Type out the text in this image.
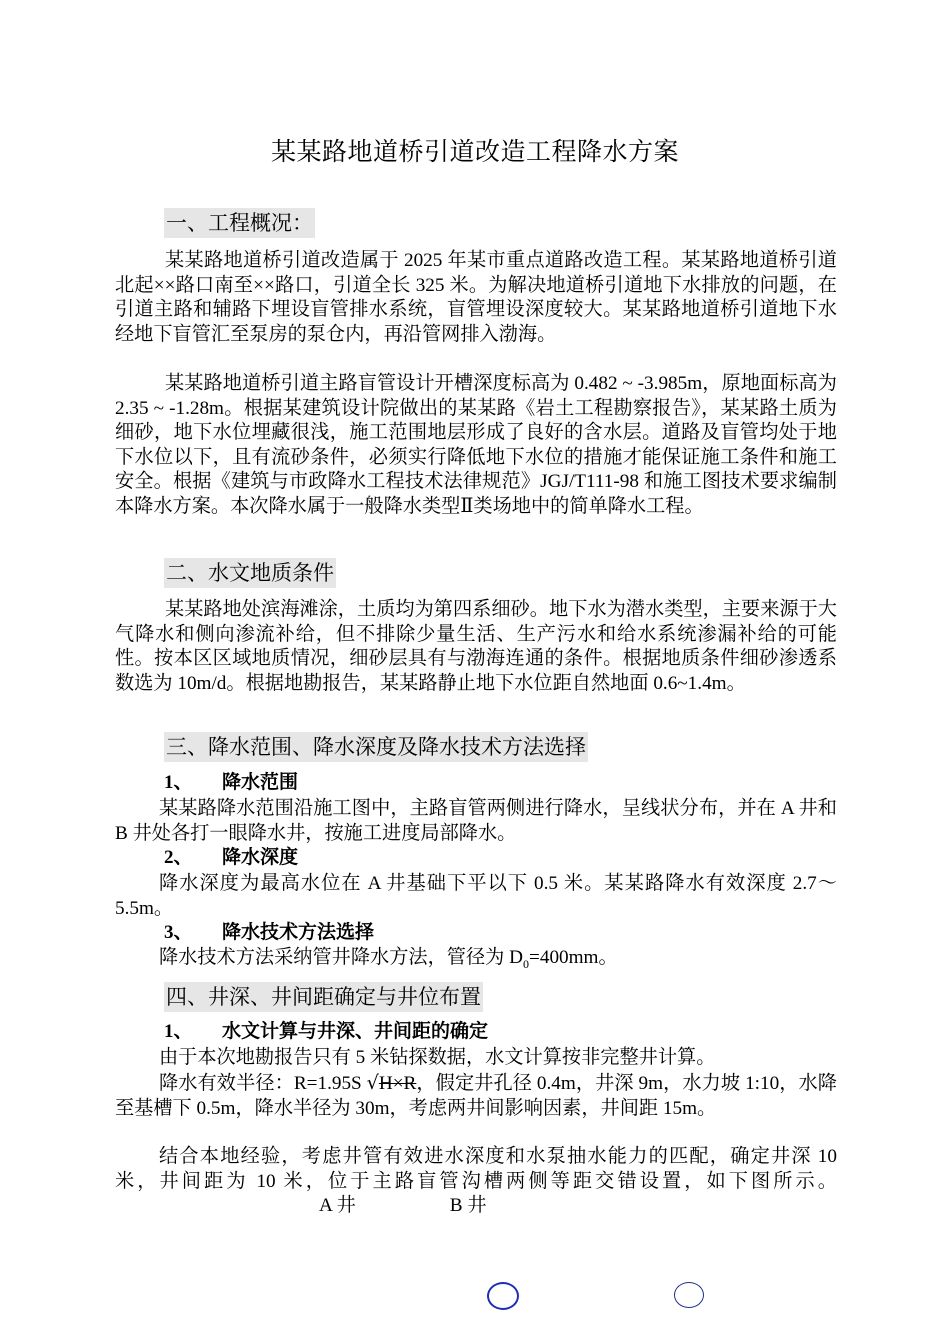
某某路地道桥引道改造工程降水方案
一、工程概况：
某某路地道桥引道改造属于 2025 年某市重点道路改造工程。某某路地道桥引道北起××路口南至××路口，引道全长 325 米。为解决地道桥引道地下水排放的问题，在引道主路和辅路下埋设盲管排水系统，盲管埋设深度较大。某某路地道桥引道地下水经地下盲管汇至泵房的泵仓内，再沿管网排入渤海。
某某路地道桥引道主路盲管设计开槽深度标高为 0.482 ~ -3.985m，原地面标高为 2.35 ~ -1.28m。根据某建筑设计院做出的某某路《岩土工程勘察报告》，某某路土质为细砂，地下水位埋藏很浅，施工范围地层形成了良好的含水层。道路及盲管均处于地下水位以下，且有流砂条件，必须实行降低地下水位的措施才能保证施工条件和施工安全。根据《建筑与市政降水工程技术法律规范》JGJ/T111-98 和施工图技术要求编制本降水方案。本次降水属于一般降水类型Ⅱ类场地中的简单降水工程。
二、水文地质条件
某某路地处滨海滩涂，土质均为第四系细砂。地下水为潜水类型，主要来源于大气降水和侧向渗流补给，但不排除少量生活、生产污水和给水系统渗漏补给的可能性。按本区区域地质情况，细砂层具有与渤海连通的条件。根据地质条件细砂渗透系数选为 10m/d。根据地勘报告，某某路静止地下水位距自然地面 0.6~1.4m。
三、降水范围、降水深度及降水技术方法选择
1、 降水范围
某某路降水范围沿施工图中，主路盲管两侧进行降水，呈线状分布，并在 A 井和 B 井处各打一眼降水井，按施工进度局部降水。
2、 降水深度
降水深度为最高水位在 A 井基础下平以下 0.5 米。某某路降水有效深度 2.7～5.5m。
3、 降水技术方法选择
降水技术方法采纳管井降水方法，管径为 $D_0=400mm$。
四、井深、井间距确定与井位布置
1、 水文计算与井深、井间距的确定
由于本次地勘报告只有 5 米钻探数据，水文计算按非完整井计算。
降水有效半径：R=1.95S √H×R，假定井孔径 0.4m，井深 9m，水力坡 1:10，水降至基槽下 0.5m，降水半径为 30m，考虑两井间影响因素，井间距 15m。
结合本地经验，考虑井管有效进水深度和水泵抽水能力的匹配，确定井深 10 米，井间距为 10 米，位于主路盲管沟槽两侧等距交错设置，如下图所示。A 井	B 井
